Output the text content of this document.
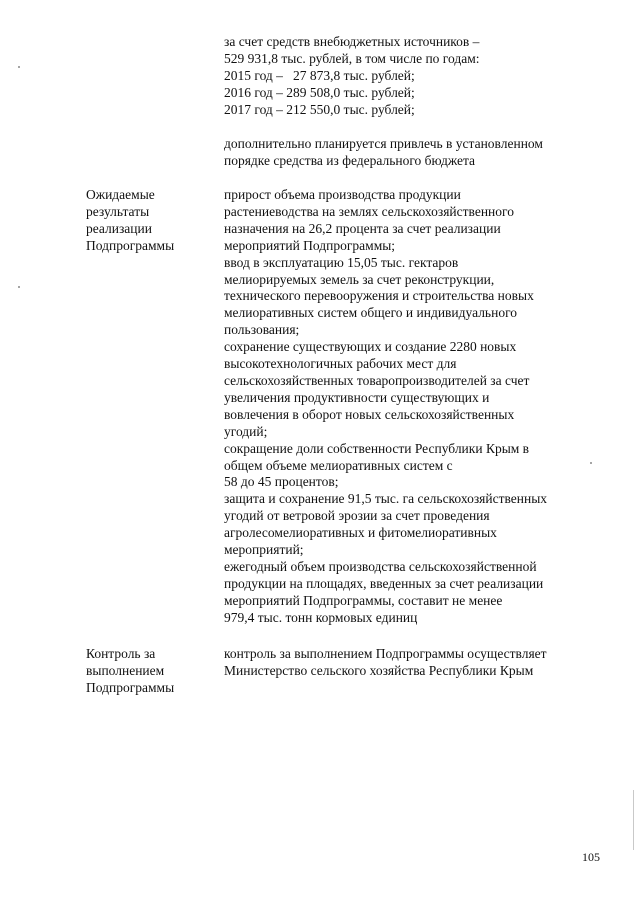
за счет средств внебюджетных источников –
529 931,8 тыс. рублей, в том числе по годам:
2015 год –   27 873,8 тыс. рублей;
2016 год – 289 508,0 тыс. рублей;
2017 год – 212 550,0 тыс. рублей;
дополнительно планируется привлечь в установленном
порядке средства из федерального бюджета
Ожидаемые
результаты
реализации
Подпрограммы
прирост объема производства продукции
растениеводства на землях сельскохозяйственного
назначения на 26,2 процента за счет реализации
мероприятий Подпрограммы;
ввод в эксплуатацию 15,05 тыс. гектаров
мелиорируемых земель за счет реконструкции,
технического перевооружения и строительства новых
мелиоративных систем общего и индивидуального
пользования;
сохранение существующих и создание 2280 новых
высокотехнологичных рабочих мест для
сельскохозяйственных товаропроизводителей за счет
увеличения продуктивности существующих и
вовлечения в оборот новых сельскохозяйственных
угодий;
сокращение доли собственности Республики Крым в
общем объеме мелиоративных систем с
58 до 45 процентов;
защита и сохранение 91,5 тыс. га сельскохозяйственных
угодий от ветровой эрозии за счет проведения
агролесомелиоративных и фитомелиоративных
мероприятий;
ежегодный объем производства сельскохозяйственной
продукции на площадях, введенных за счет реализации
мероприятий Подпрограммы, составит не менее
979,4 тыс. тонн кормовых единиц
Контроль за
выполнением
Подпрограммы
контроль за выполнением Подпрограммы осуществляет
Министерство сельского хозяйства Республики Крым
105
